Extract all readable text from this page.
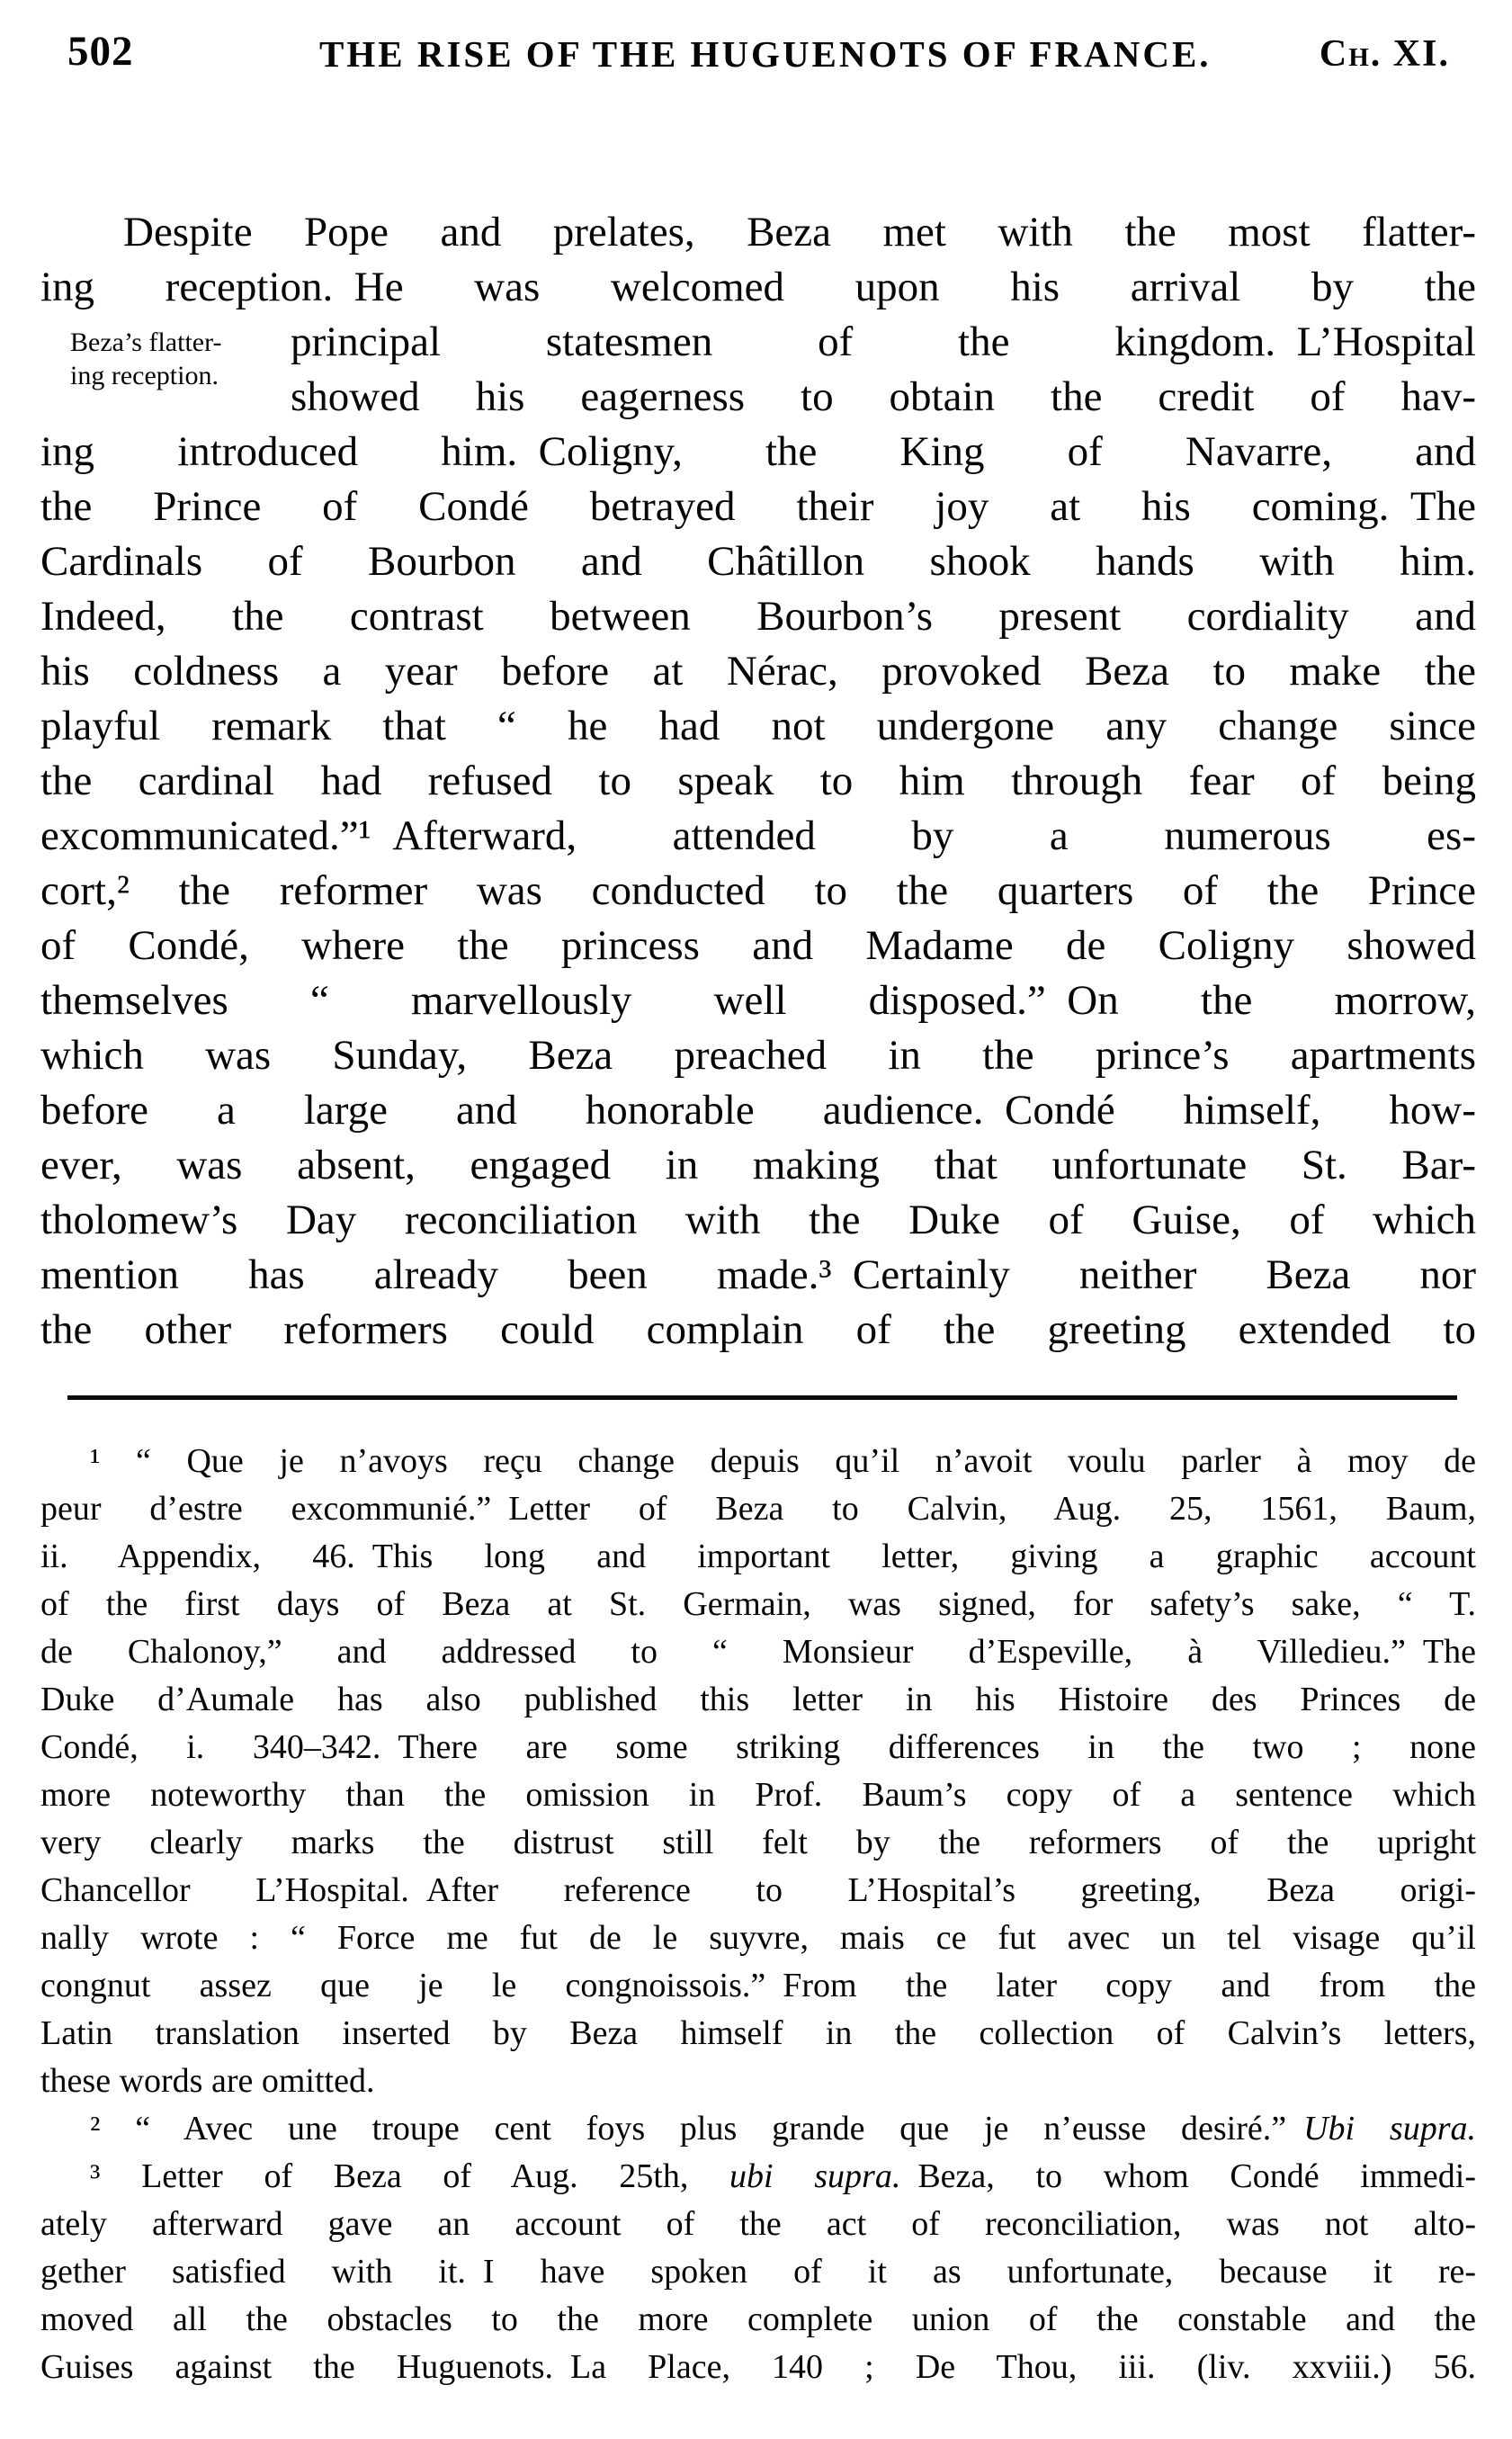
502	THE RISE OF THE HUGUENOTS OF FRANCE.	Ch. XI.
Beza’s flatter-
ing reception.
Despite Pope and prelates, Beza met with the most flatter-
ing reception. He was welcomed upon his arrival by the
principal statesmen of the kingdom. L’Hospital
showed his eagerness to obtain the credit of hav-
ing introduced him. Coligny, the King of Navarre, and
the Prince of Condé betrayed their joy at his coming. The
Cardinals of Bourbon and Châtillon shook hands with him.
Indeed, the contrast between Bourbon’s present cordiality and
his coldness a year before at Nérac, provoked Beza to make the
playful remark that “ he had not undergone any change since
the cardinal had refused to speak to him through fear of being
excommunicated.”¹ Afterward, attended by a numerous es-
cort,² the reformer was conducted to the quarters of the Prince
of Condé, where the princess and Madame de Coligny showed
themselves “ marvellously well disposed.” On the morrow,
which was Sunday, Beza preached in the prince’s apartments
before a large and honorable audience. Condé himself, how-
ever, was absent, engaged in making that unfortunate St. Bar-
tholomew’s Day reconciliation with the Duke of Guise, of which
mention has already been made.³ Certainly neither Beza nor
the other reformers could complain of the greeting extended to
¹ “ Que je n’avoys reçu change depuis qu’il n’avoit voulu parler à moy de
peur d’estre excommunié.” Letter of Beza to Calvin, Aug. 25, 1561, Baum,
ii. Appendix, 46. This long and important letter, giving a graphic account
of the first days of Beza at St. Germain, was signed, for safety’s sake, “ T.
de Chalonoy,” and addressed to “ Monsieur d’Espeville, à Villedieu.” The
Duke d’Aumale has also published this letter in his Histoire des Princes de
Condé, i. 340–342. There are some striking differences in the two ; none
more noteworthy than the omission in Prof. Baum’s copy of a sentence which
very clearly marks the distrust still felt by the reformers of the upright
Chancellor L’Hospital. After reference to L’Hospital’s greeting, Beza origi-
nally wrote : “ Force me fut de le suyvre, mais ce fut avec un tel visage qu’il
congnut assez que je le congnoissois.” From the later copy and from the
Latin translation inserted by Beza himself in the collection of Calvin’s letters,
these words are omitted.
² “ Avec une troupe cent foys plus grande que je n’eusse desiré.” Ubi supra.
³ Letter of Beza of Aug. 25th, ubi supra. Beza, to whom Condé immedi-
ately afterward gave an account of the act of reconciliation, was not alto-
gether satisfied with it. I have spoken of it as unfortunate, because it re-
moved all the obstacles to the more complete union of the constable and the
Guises against the Huguenots. La Place, 140 ; De Thou, iii. (liv. xxviii.) 56.
